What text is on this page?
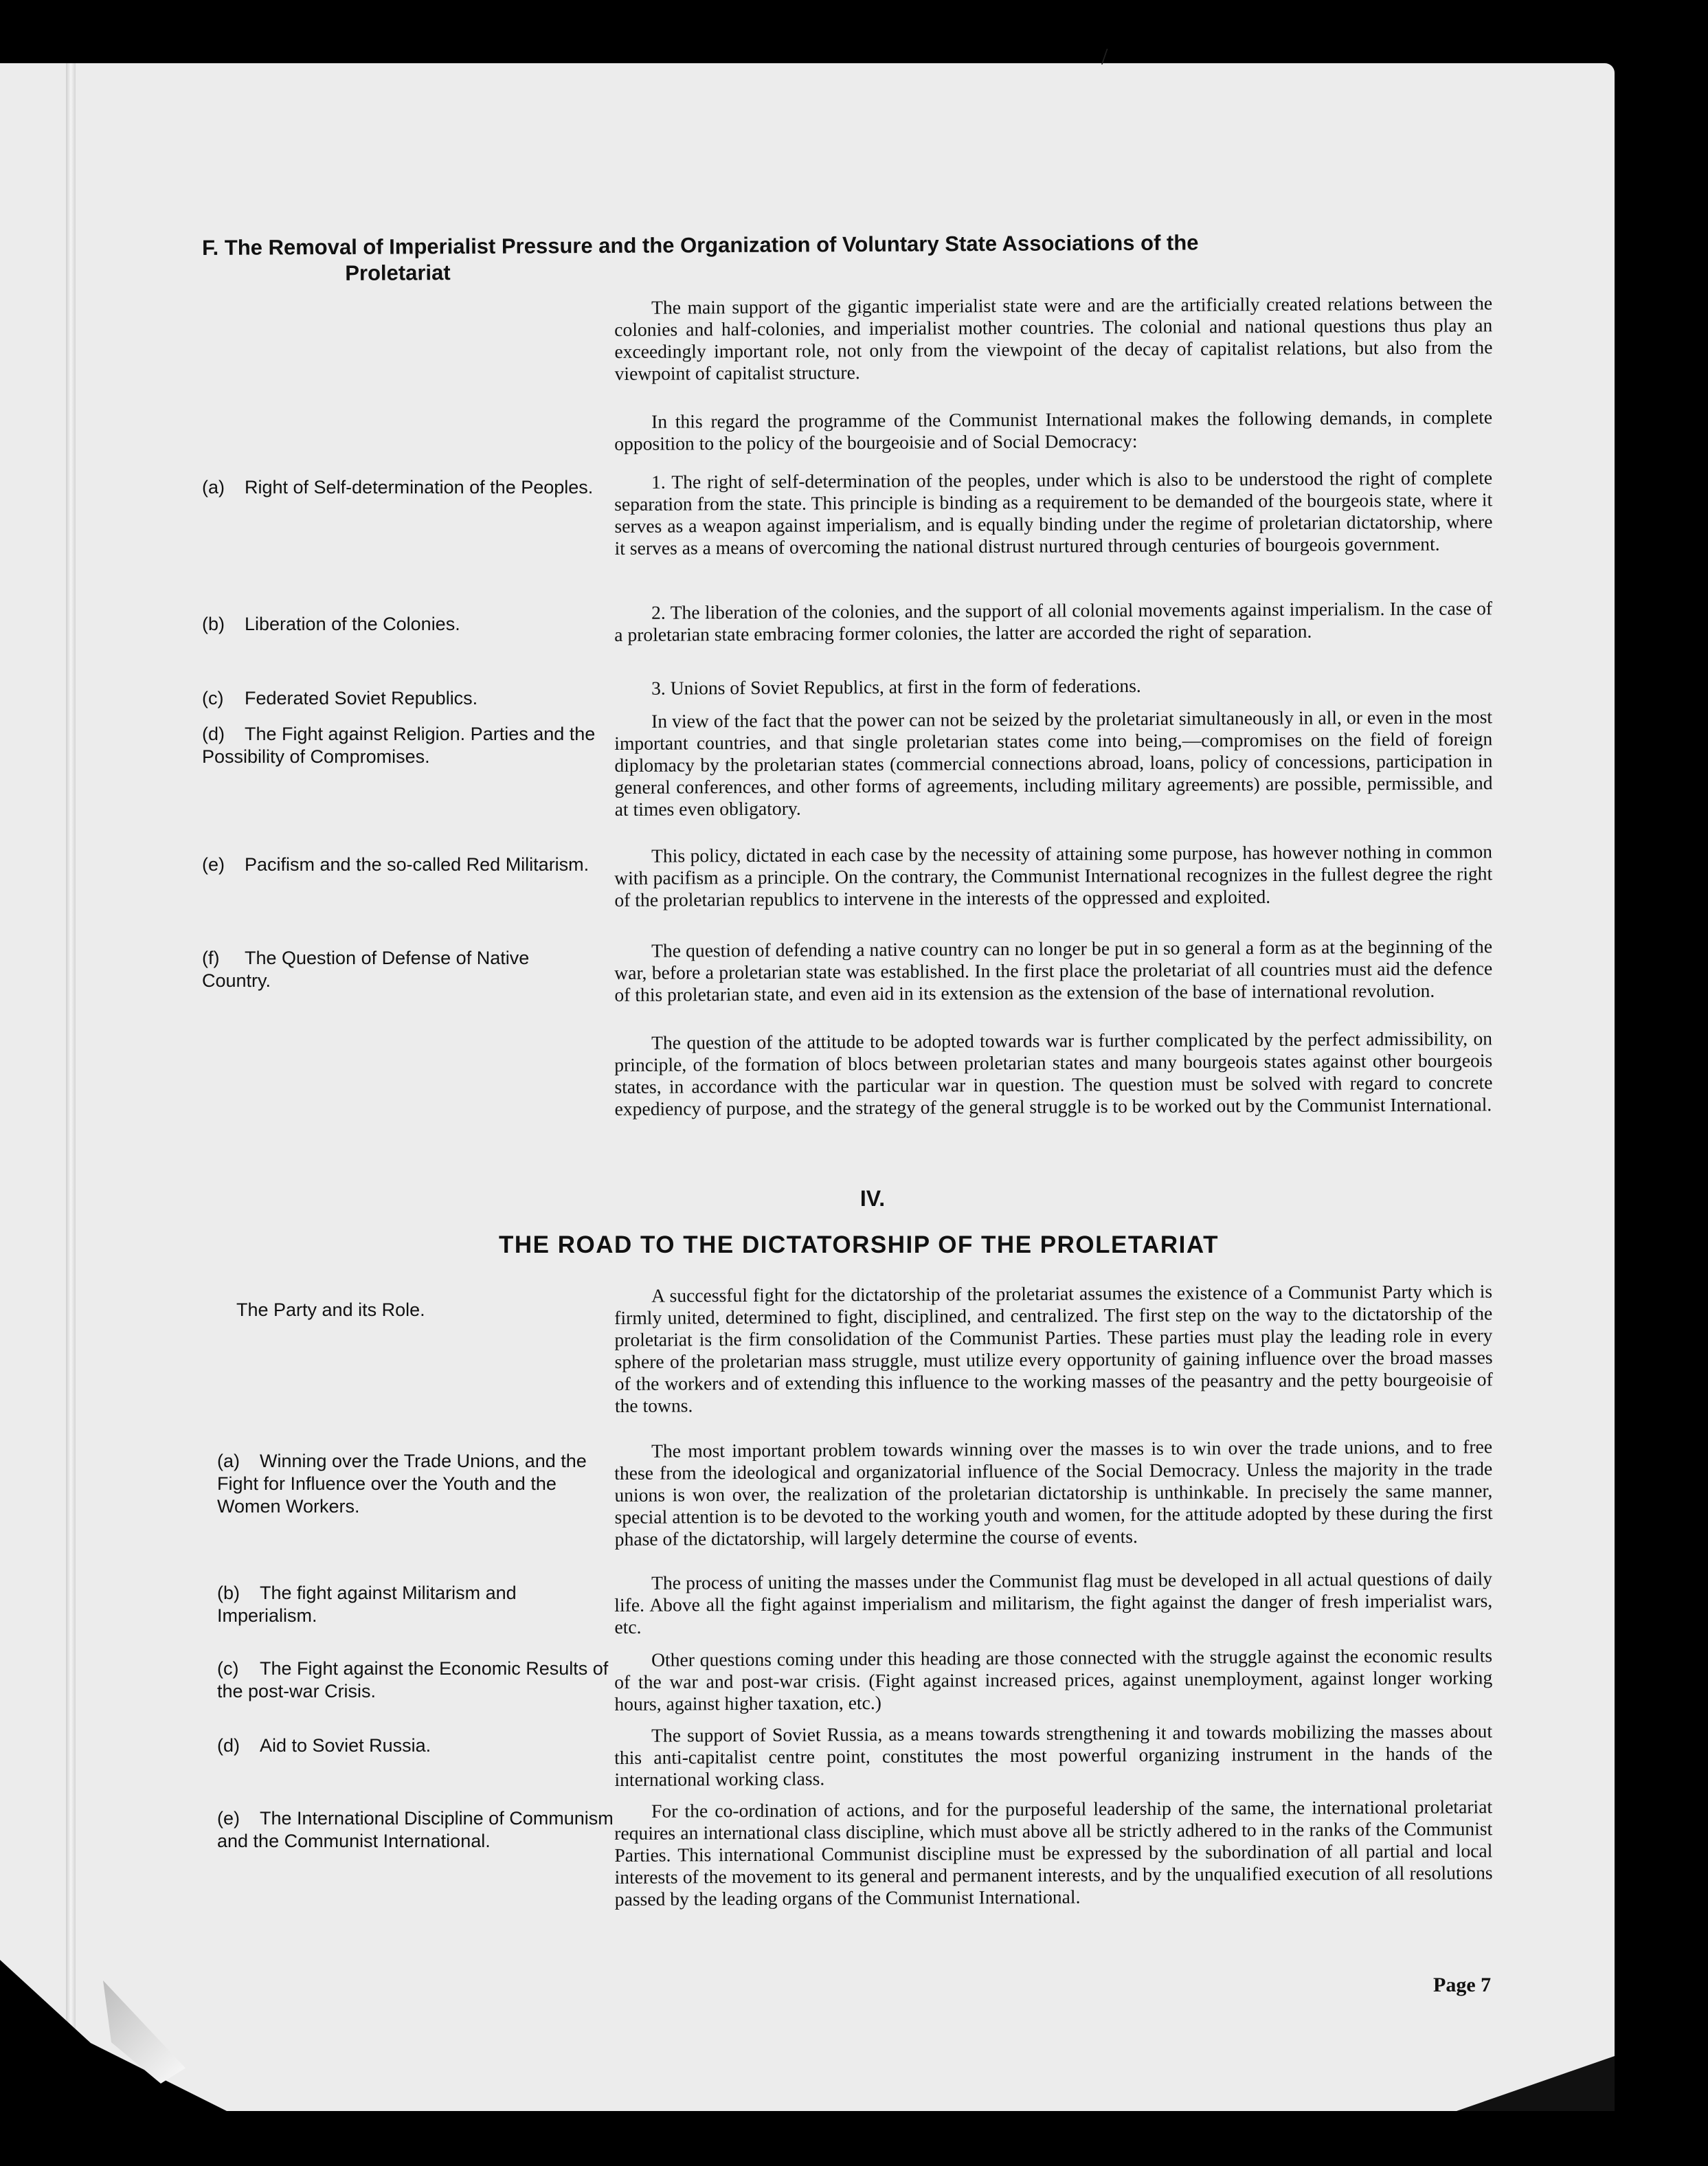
/
F. The Removal of Imperialist Pressure and the Organization of Voluntary State Associations of the
Proletariat
(a) Right of Self-determination of the Peoples.
(b) Liberation of the Colonies.
(c) Federated Soviet Republics.
(d) The Fight against Religion. Parties and the Possibility of Compromises.
(e) Pacifism and the so-called Red Militarism.
(f) The Question of Defense of Native Country.

The main support of the gigantic imperialist state were and are the artificially created relations between the colonies and half-colonies, and imperialist mother countries. The colonial and national questions thus play an exceedingly important role, not only from the viewpoint of the decay of capitalist relations, but also from the viewpoint of capitalist structure.

In this regard the programme of the Communist International makes the following demands, in complete opposition to the policy of the bourgeoisie and of Social Democracy:

1. The right of self-determination of the peoples, under which is also to be understood the right of complete separation from the state. This principle is binding as a requirement to be demanded of the bourgeois state, where it serves as a weapon against imperialism, and is equally binding under the regime of proletarian dictatorship, where it serves as a means of overcoming the national distrust nurtured through centuries of bourgeois government.

2. The liberation of the colonies, and the support of all colonial movements against imperialism. In the case of a proletarian state embracing former colonies, the latter are accorded the right of separation.

3. Unions of Soviet Republics, at first in the form of federations.

In view of the fact that the power can not be seized by the proletariat simultaneously in all, or even in the most important countries, and that single proletarian states come into being,—compromises on the field of foreign diplomacy by the proletarian states (commercial connections abroad, loans, policy of concessions, participation in general conferences, and other forms of agreements, including military agreements) are possible, permissible, and at times even obligatory.

This policy, dictated in each case by the necessity of attaining some purpose, has however nothing in common with pacifism as a principle. On the contrary, the Communist International recognizes in the fullest degree the right of the proletarian republics to intervene in the interests of the oppressed and exploited.

The question of defending a native country can no longer be put in so general a form as at the beginning of the war, before a proletarian state was established. In the first place the proletariat of all countries must aid the defence of this proletarian state, and even aid in its extension as the extension of the base of international revolution.

The question of the attitude to be adopted towards war is further complicated by the perfect admissibility, on principle, of the formation of blocs between proletarian states and many bourgeois states against other bourgeois states, in accordance with the particular war in question. The question must be solved with regard to concrete expediency of purpose, and the strategy of the general struggle is to be worked out by the Communist International.

IV.
THE ROAD TO THE DICTATORSHIP OF THE PROLETARIAT
The Party and its Role.
(a) Winning over the Trade Unions, and the Fight for Influence over the Youth and the Women Workers.
(b) The fight against Militarism and Imperialism.
(c) The Fight against the Economic Results of the post-war Crisis.
(d) Aid to Soviet Russia.
(e) The International Discipline of Communism and the Communist International.

A successful fight for the dictatorship of the proletariat assumes the existence of a Communist Party which is firmly united, determined to fight, disciplined, and centralized. The first step on the way to the dictatorship of the proletariat is the firm consolidation of the Communist Parties. These parties must play the leading role in every sphere of the proletarian mass struggle, must utilize every opportunity of gaining influence over the broad masses of the workers and of extending this influence to the working masses of the peasantry and the petty bourgeoisie of the towns.

The most important problem towards winning over the masses is to win over the trade unions, and to free these from the ideological and organizatorial influence of the Social Democracy. Unless the majority in the trade unions is won over, the realization of the proletarian dictatorship is unthinkable. In precisely the same manner, special attention is to be devoted to the working youth and women, for the attitude adopted by these during the first phase of the dictatorship, will largely determine the course of events.

The process of uniting the masses under the Communist flag must be developed in all actual questions of daily life. Above all the fight against imperialism and militarism, the fight against the danger of fresh imperialist wars, etc.

Other questions coming under this heading are those connected with the struggle against the economic results of the war and post-war crisis. (Fight against increased prices, against unemployment, against longer working hours, against higher taxation, etc.)

The support of Soviet Russia, as a means towards strengthening it and towards mobilizing the masses about this anti-capitalist centre point, constitutes the most powerful organizing instrument in the hands of the international working class.

For the co-ordination of actions, and for the purposeful leadership of the same, the international proletariat requires an international class discipline, which must above all be strictly adhered to in the ranks of the Communist Parties. This international Communist discipline must be expressed by the subordination of all partial and local interests of the movement to its general and permanent interests, and by the unqualified execution of all resolutions passed by the leading organs of the Communist International.

Page 7
